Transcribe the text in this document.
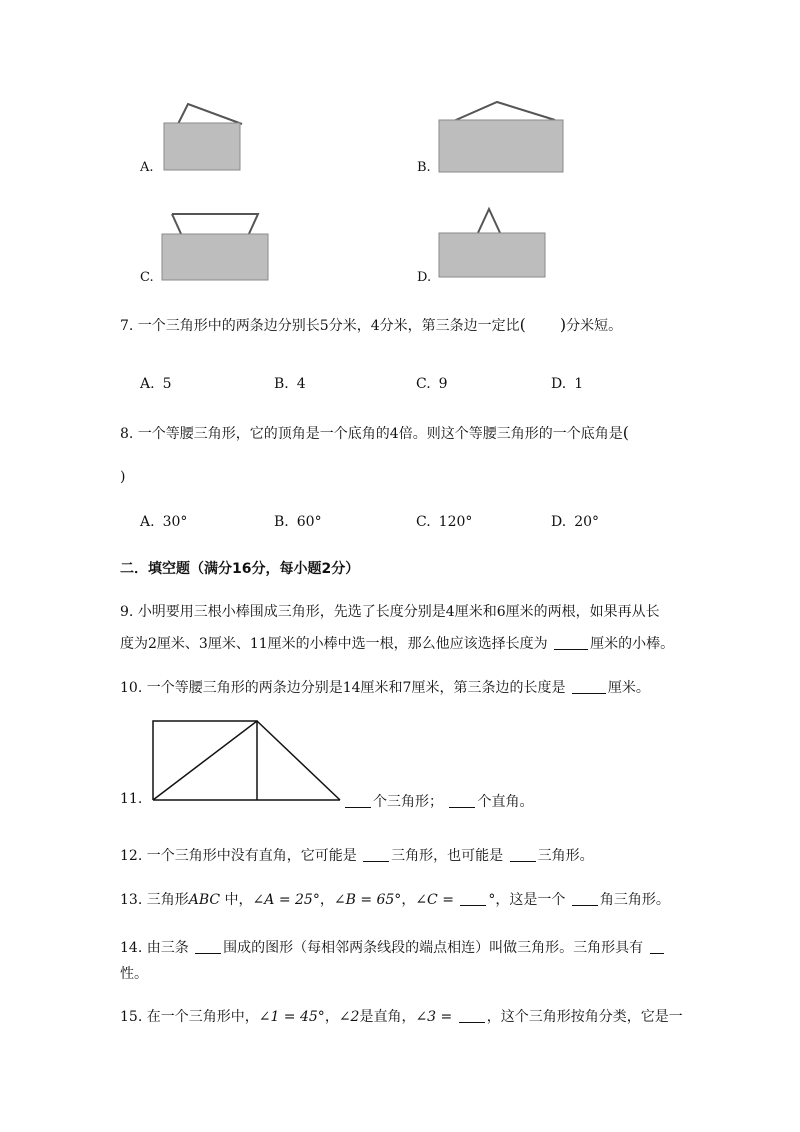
A.	B.
C.	D.
7. 一个三角形中的两条边分别长5分米，4分米，第三条边一定比( )分米短。
A. 5	B. 4	C. 9	D. 1
8. 一个等腰三角形，它的顶角是一个底角的4倍。则这个等腰三角形的一个底角是(
)
A. 30°	B. 60°	C. 120°	D. 20°
二．填空题（满分16分，每小题2分）
9. 小明要用三根小棒围成三角形，先选了长度分别是4厘米和6厘米的两根，如果再从长
度为2厘米、3厘米、11厘米的小棒中选一根，那么他应该选择长度为	厘米的小棒。
10. 一个等腰三角形的两条边分别是14厘米和7厘米，第三条边的长度是	厘米。
11.	个三角形； 个直角。
12. 一个三角形中没有直角，它可能是 三角形，也可能是 三角形。
13. 三角形ABC 中，∠A = 25°，∠B = 65°，∠C = °，这是一个 角三角形。
14. 由三条 围成的图形（每相邻两条线段的端点相连）叫做三角形。三角形具有
性。
15. 在一个三角形中，∠1 = 45°，∠2是直角，∠3 = ，这个三角形按角分类，它是一
